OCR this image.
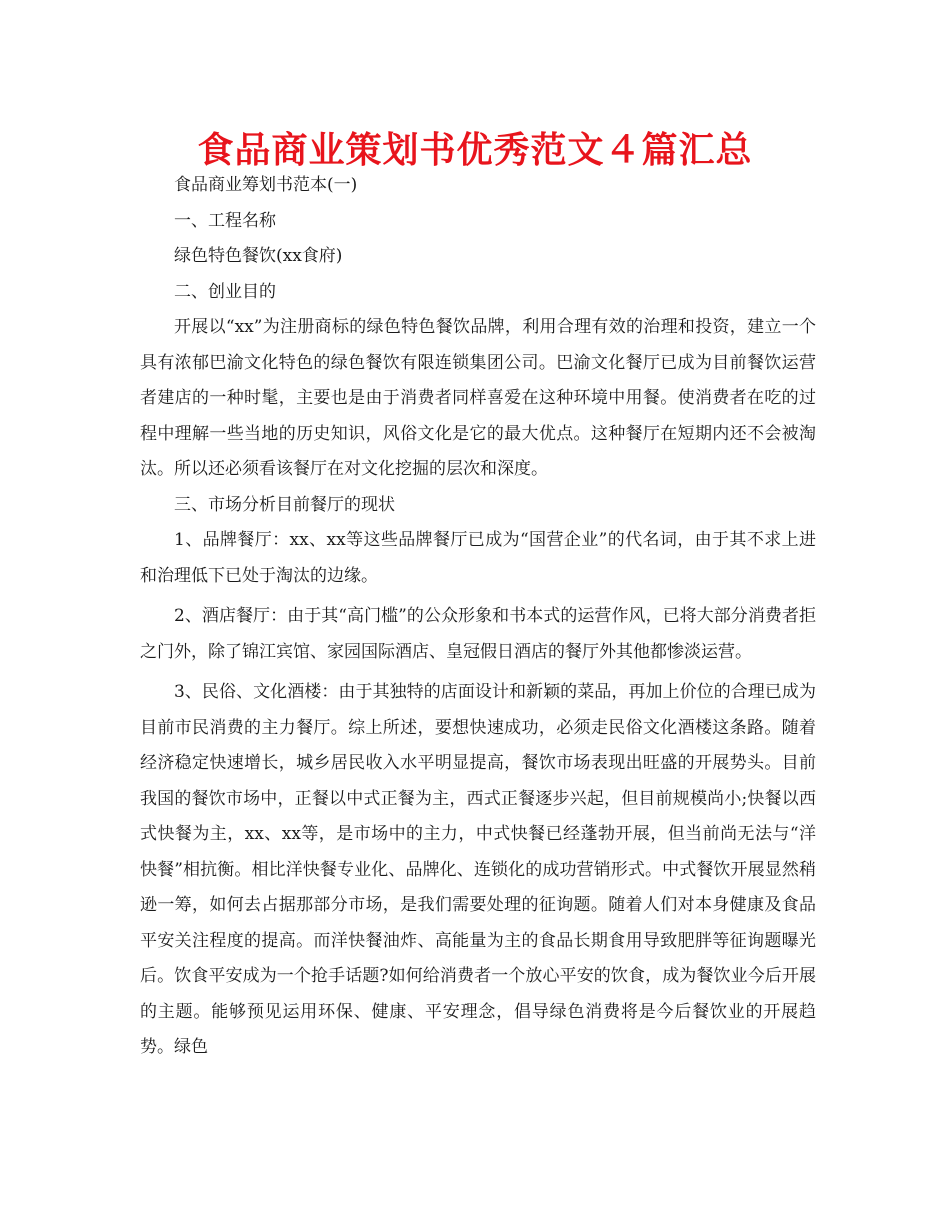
食品商业策划书优秀范文４篇汇总

食品商业筹划书范本(一)

一、工程名称

绿色特色餐饮(xx食府)

二、创业目的

开展以“xx”为注册商标的绿色特色餐饮品牌，利用合理有效的治理和投资，建立一个具有浓郁巴渝文化特色的绿色餐饮有限连锁集团公司。巴渝文化餐厅已成为目前餐饮运营者建店的一种时髦，主要也是由于消费者同样喜爱在这种环境中用餐。使消费者在吃的过程中理解一些当地的历史知识，风俗文化是它的最大优点。这种餐厅在短期内还不会被淘汰。所以还必须看该餐厅在对文化挖掘的层次和深度。

三、市场分析目前餐厅的现状

1、品牌餐厅：xx、xx等这些品牌餐厅已成为“国营企业”的代名词，由于其不求上进和治理低下已处于淘汰的边缘。

2、酒店餐厅：由于其“高门槛”的公众形象和书本式的运营作风，已将大部分消费者拒之门外，除了锦江宾馆、家园国际酒店、皇冠假日酒店的餐厅外其他都惨淡运营。

3、民俗、文化酒楼：由于其独特的店面设计和新颖的菜品，再加上价位的合理已成为目前市民消费的主力餐厅。综上所述，要想快速成功，必须走民俗文化酒楼这条路。随着经济稳定快速增长，城乡居民收入水平明显提高，餐饮市场表现出旺盛的开展势头。目前我国的餐饮市场中，正餐以中式正餐为主，西式正餐逐步兴起，但目前规模尚小;快餐以西式快餐为主，xx、xx等，是市场中的主力，中式快餐已经蓬勃开展，但当前尚无法与“洋快餐”相抗衡。相比洋快餐专业化、品牌化、连锁化的成功营销形式。中式餐饮开展显然稍逊一筹，如何去占据那部分市场，是我们需要处理的征询题。随着人们对本身健康及食品平安关注程度的提高。而洋快餐油炸、高能量为主的食品长期食用导致肥胖等征询题曝光后。饮食平安成为一个抢手话题?如何给消费者一个放心平安的饮食，成为餐饮业今后开展的主题。能够预见运用环保、健康、平安理念，倡导绿色消费将是今后餐饮业的开展趋势。绿色
